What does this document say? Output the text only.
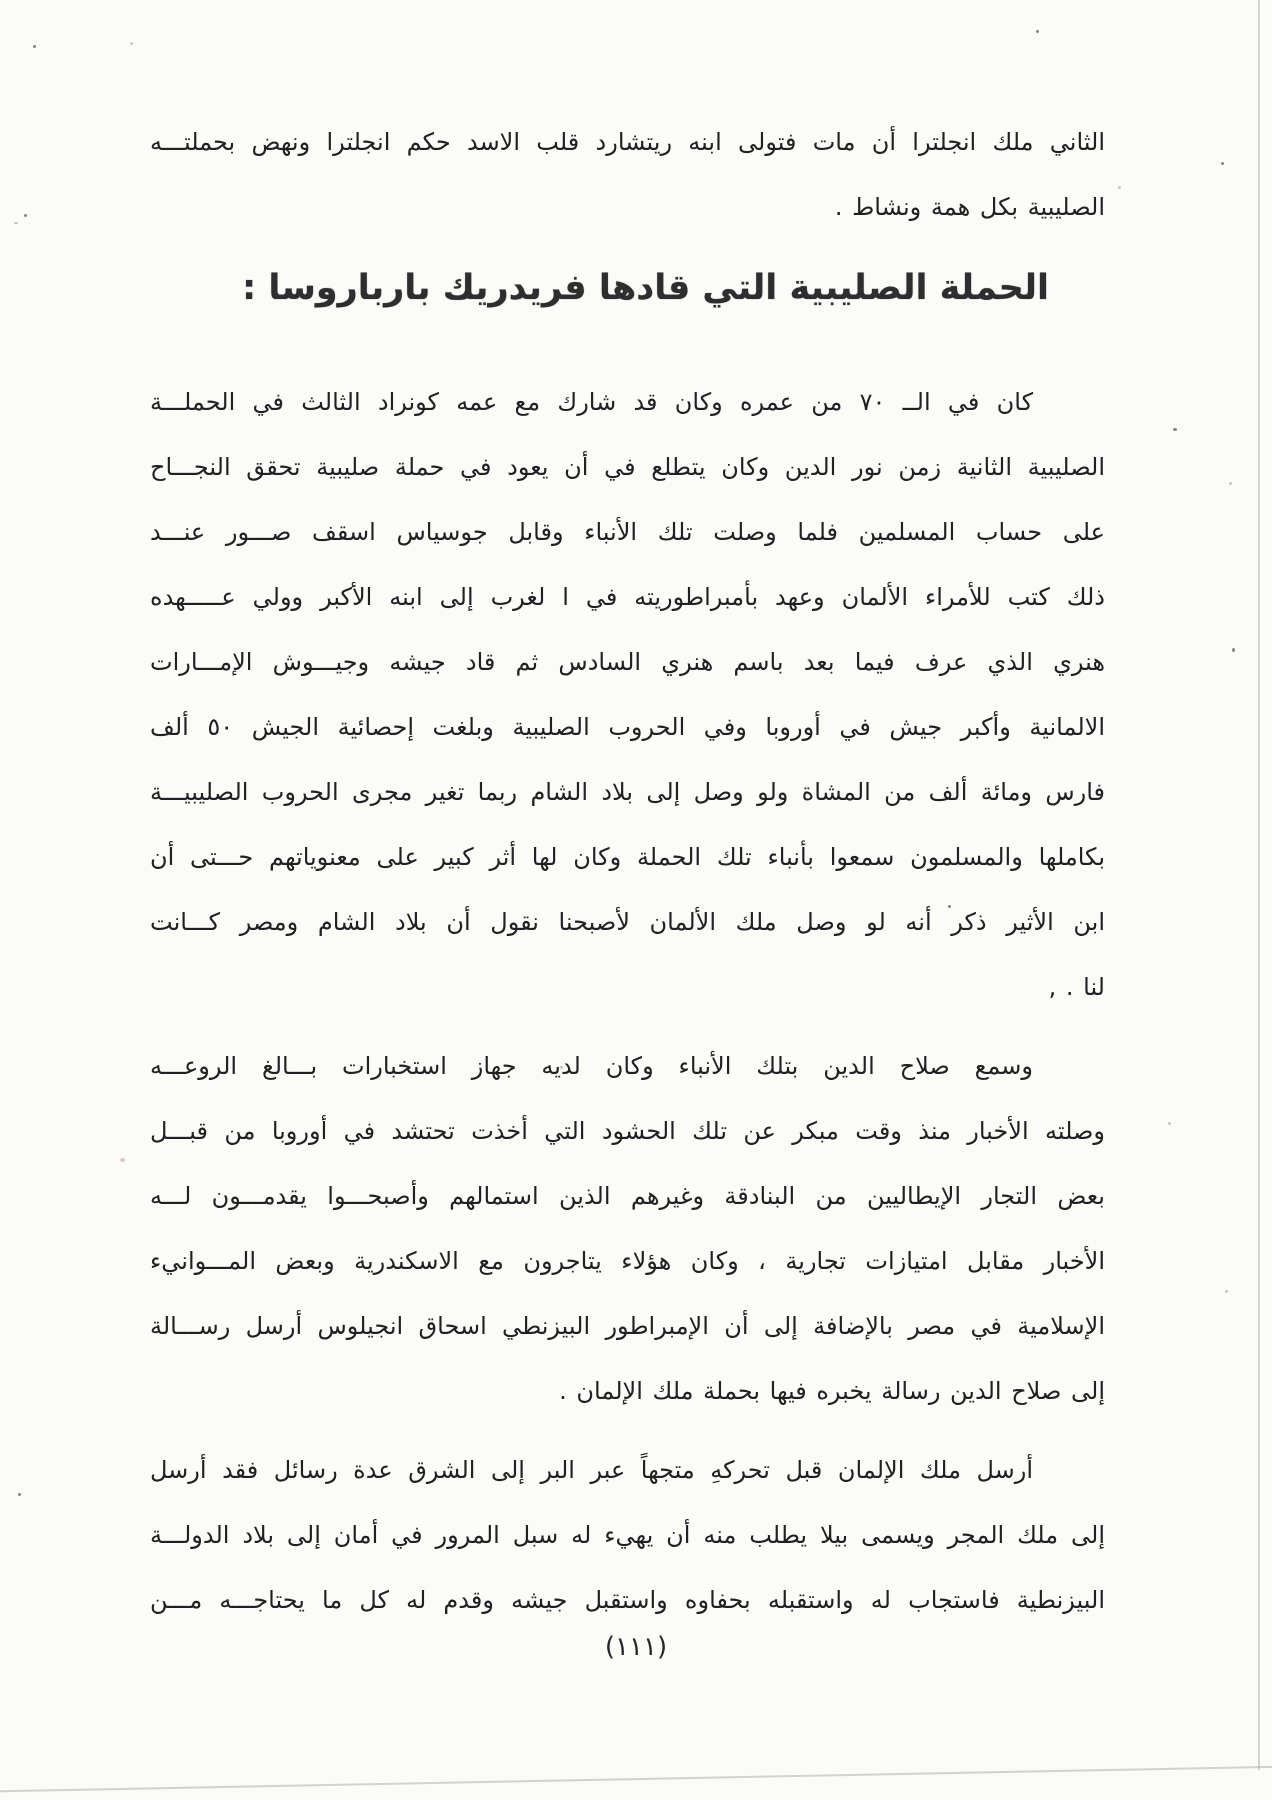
الثاني ملك انجلترا أن مات فتولى ابنه ريتشارد قلب الاسد حكم انجلترا ونهض بحملتـــه
الصليبية بكل همة ونشاط .
الحملة الصليبية التي قادها فريدريك بارباروسا :
كان في الــ ٧٠ من عمره وكان قد شارك مع عمه كونراد الثالث في الحملـــة
الصليبية الثانية زمن نور الدين وكان يتطلع في أن يعود في حملة صليبية تحقق النجـــاح
على حساب المسلمين فلما وصلت تلك الأنباء وقابل جوسياس اسقف صـــور عنـــد
ذلك كتب للأمراء الألمان وعهد بأمبراطوريته في ا لغرب إلى ابنه الأكبر وولي عـــــهده
هنري الذي عرف فيما بعد باسم هنري السادس ثم قاد جيشه وجيـــوش الإمـــارات
الالمانية وأكبر جيش في أوروبا وفي الحروب الصليبية وبلغت إحصائية الجيش ٥٠ ألف
فارس ومائة ألف من المشاة ولو وصل إلى بلاد الشام ربما تغير مجرى الحروب الصليبيـــة
بكاملها والمسلمون سمعوا بأنباء تلك الحملة وكان لها أثر كبير على معنوياتهم حـــتى أن
ابن الأثير ذكر أنه لو وصل ملك الألمان لأصبحنا نقول أن بلاد الشام ومصر كـــانت
لنا . ,
وسمع صلاح الدين بتلك الأنباء وكان لديه جهاز استخبارات بـــالغ الروعـــه
وصلته الأخبار منذ وقت مبكر عن تلك الحشود التي أخذت تحتشد في أوروبا من قبـــل
بعض التجار الإيطاليين من البنادقة وغيرهم الذين استمالهم وأصبحـــوا يقدمـــون لـــه
الأخبار مقابل امتيازات تجارية ، وكان هؤلاء يتاجرون مع الاسكندرية وبعض المـــوانيء
الإسلامية في مصر بالإضافة إلى أن الإمبراطور البيزنطي اسحاق انجيلوس أرسل رســـالة
إلى صلاح الدين رسالة يخبره فيها بحملة ملك الإلمان .
أرسل ملك الإلمان قبل تحركهِ متجهاً عبر البر إلى الشرق عدة رسائل فقد أرسل
إلى ملك المجر ويسمى بيلا يطلب منه أن يهيء له سبل المرور في أمان إلى بلاد الدولـــة
البيزنطية فاستجاب له واستقبله بحفاوه واستقبل جيشه وقدم له كل ما يحتاجـــه مـــن
(١١١)
